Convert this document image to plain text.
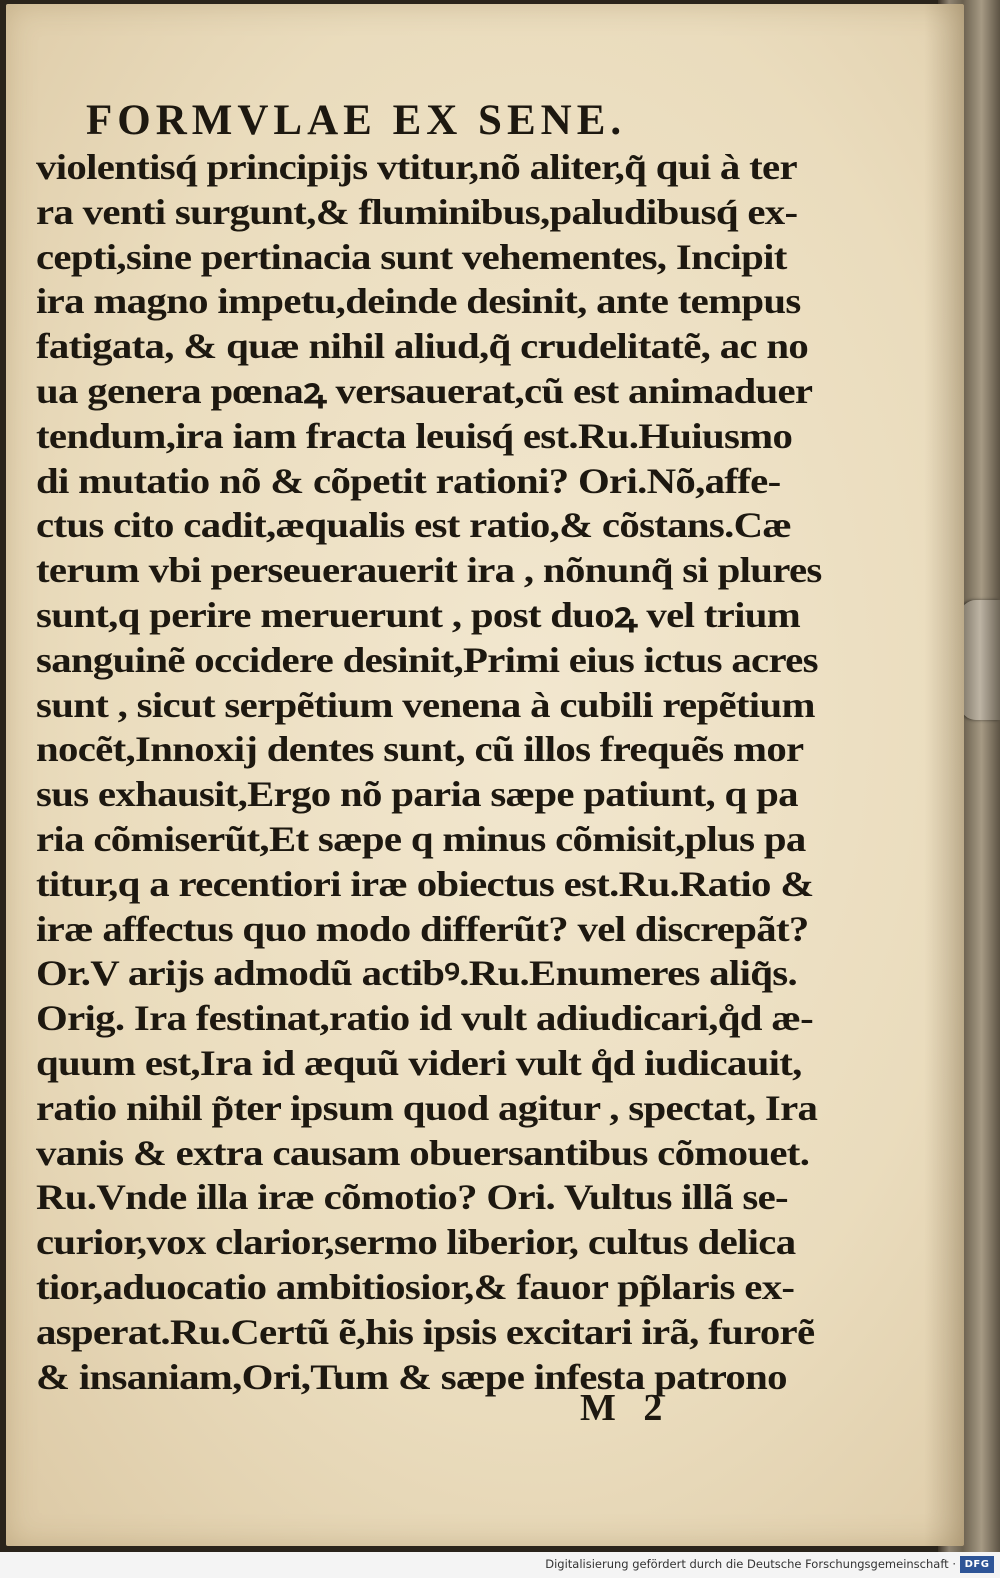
FORMVLAE EX SENE.
violentisq́ principijs vtitur,nõ aliter,q̃ qui à ter
ra venti surgunt,& fluminibus,paludibusq́ ex-
cepti,sine pertinacia sunt vehementes, Incipit
ira magno impetu,deinde desinit, ante tempus
fatigata, & quæ nihil aliud,q̃ crudelitatẽ, ac no
ua genera pœnaꝝ versauerat,cũ est animaduer
tendum,ira iam fracta leuisq́ est.Ru.Huiusmo
di mutatio nõ & cõpetit rationi? Ori.Nõ,affe-
ctus cito cadit,æqualis est ratio,& cõstans.Cæ
terum vbi perseuerauerit ira , nõnunq̃ si plures
sunt,q perire meruerunt , post duoꝝ vel trium
sanguinẽ occidere desinit,Primi eius ictus acres
sunt , sicut serpẽtium venena à cubili repẽtium
nocẽt,Innoxij dentes sunt, cũ illos frequẽs mor
sus exhausit,Ergo nõ paria sæpe patiunt, q pa
ria cõmiserũt,Et sæpe q minus cõmisit,plus pa
titur,q a recentiori iræ obiectus est.Ru.Ratio &
iræ affectus quo modo differũt? vel discrepãt?
Or.V arijs admodũ actibꝰ.Ru.Enumeres aliq̃s.
Orig. Ira festinat,ratio id vult adiudicari,q̊d æ-
quum est,Ira id æquũ videri vult q̊d iudicauit,
ratio nihil p̃ter ipsum quod agitur , spectat, Ira
vanis & extra causam obuersantibus cõmouet.
Ru.Vnde illa iræ cõmotio? Ori. Vultus illã se-
curior,vox clarior,sermo liberior, cultus delica
tior,aduocatio ambitiosior,& fauor pp̃laris ex-
asperat.Ru.Certũ ẽ,his ipsis excitari irã, furorẽ
& insaniam,Ori,Tum & sæpe infesta patrono
M 2
Digitalisierung gefördert durch die Deutsche Forschungsgemeinschaft · DFG
